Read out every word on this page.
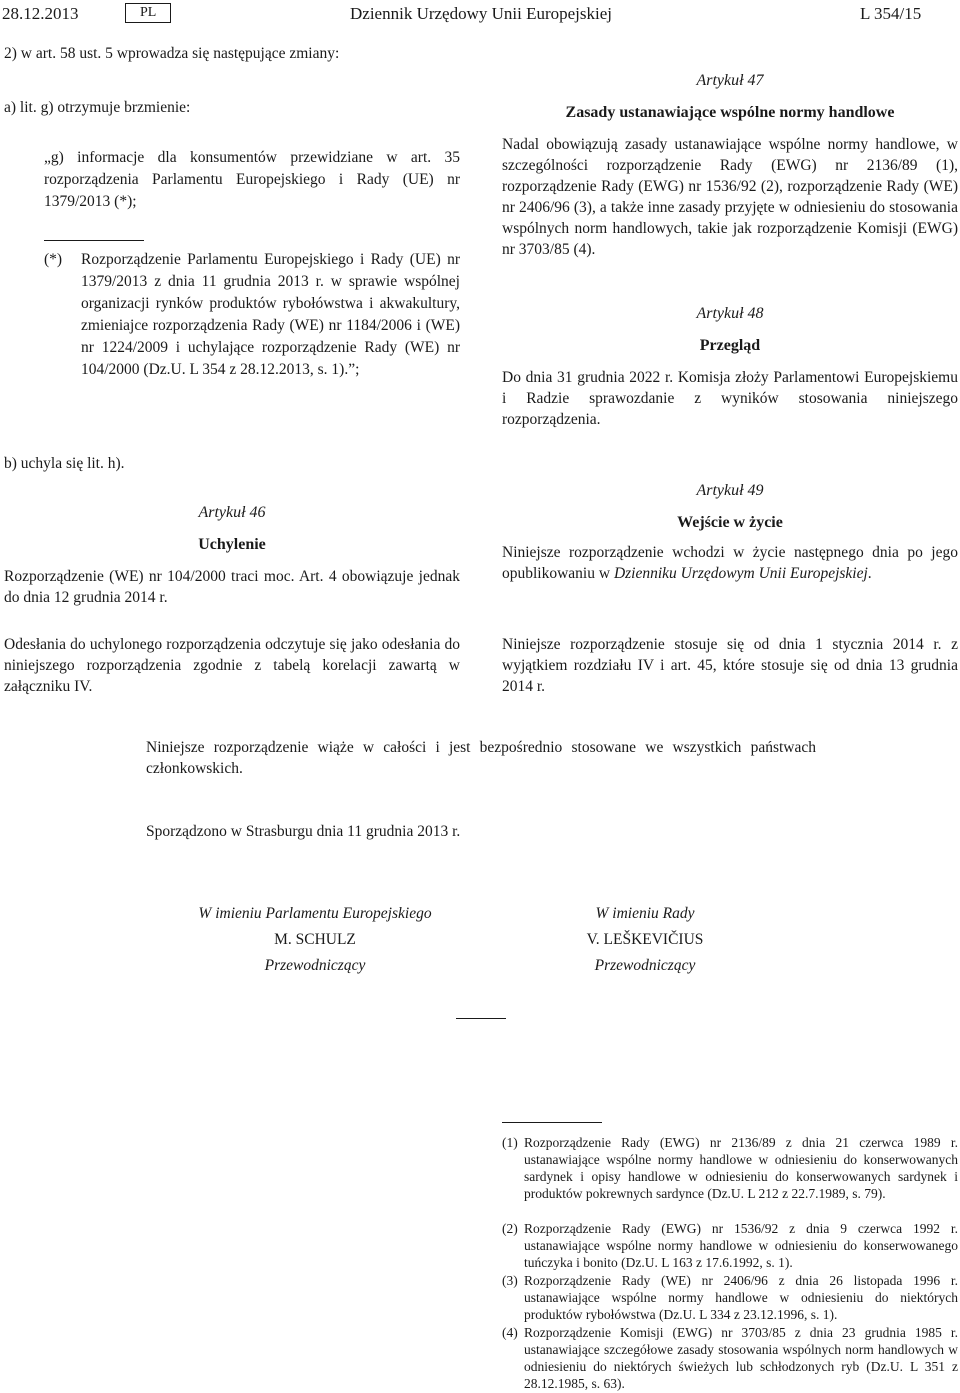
28.12.2013	PL	Dziennik Urzędowy Unii Europejskiej	L 354/15

2) w art. 58 ust. 5 wprowadza się następujące zmiany:

a) lit. g) otrzymuje brzmienie:

„g) informacje dla konsumentów przewidziane w art. 35 rozporządzenia Parlamentu Europejskiego i Rady (UE) nr 1379/2013 (*);

(*) Rozporządzenie Parlamentu Europejskiego i Rady (UE) nr 1379/2013 z dnia 11 grudnia 2013 r. w sprawie wspólnej organizacji rynków produktów rybołówstwa i akwakultury, zmieniajce rozporządzenia Rady (WE) nr 1184/2006 i (WE) nr 1224/2009 i uchylające rozporządzenie Rady (WE) nr 104/2000 (Dz.U. L 354 z 28.12.2013, s. 1).”;

b) uchyla się lit. h).

Artykuł 46

Uchylenie

Rozporządzenie (WE) nr 104/2000 traci moc. Art. 4 obowiązuje jednak do dnia 12 grudnia 2014 r.

Odesłania do uchylonego rozporządzenia odczytuje się jako odesłania do niniejszego rozporządzenia zgodnie z tabelą korelacji zawartą w załączniku IV.

Artykuł 47

Zasady ustanawiające wspólne normy handlowe

Nadal obowiązują zasady ustanawiające wspólne normy handlowe, w szczególności rozporządzenie Rady (EWG) nr 2136/89 (1), rozporządzenie Rady (EWG) nr 1536/92 (2), rozporządzenie Rady (WE) nr 2406/96 (3), a także inne zasady przyjęte w odniesieniu do stosowania wspólnych norm handlowych, takie jak rozporządzenie Komisji (EWG) nr 3703/85 (4).

Artykuł 48

Przegląd

Do dnia 31 grudnia 2022 r. Komisja złoży Parlamentowi Europejskiemu i Radzie sprawozdanie z wyników stosowania niniejszego rozporządzenia.

Artykuł 49

Wejście w życie

Niniejsze rozporządzenie wchodzi w życie następnego dnia po jego opublikowaniu w Dzienniku Urzędowym Unii Europejskiej.

Niniejsze rozporządzenie stosuje się od dnia 1 stycznia 2014 r. z wyjątkiem rozdziału IV i art. 45, które stosuje się od dnia 13 grudnia 2014 r.

Niniejsze rozporządzenie wiąże w całości i jest bezpośrednio stosowane we wszystkich państwach członkowskich.

Sporządzono w Strasburgu dnia 11 grudnia 2013 r.

W imieniu Parlamentu Europejskiego

M. SCHULZ

Przewodniczący

W imieniu Rady

V. LEŠKEVIČIUS

Przewodniczący

(1) Rozporządzenie Rady (EWG) nr 2136/89 z dnia 21 czerwca 1989 r. ustanawiające wspólne normy handlowe w odniesieniu do konserwowanych sardynek i opisy handlowe w odniesieniu do konserwowanych sardynek i produktów pokrewnych sardynce (Dz.U. L 212 z 22.7.1989, s. 79).

(2) Rozporządzenie Rady (EWG) nr 1536/92 z dnia 9 czerwca 1992 r. ustanawiające wspólne normy handlowe w odniesieniu do konserwowanego tuńczyka i bonito (Dz.U. L 163 z 17.6.1992, s. 1).

(3) Rozporządzenie Rady (WE) nr 2406/96 z dnia 26 listopada 1996 r. ustanawiające wspólne normy handlowe w odniesieniu do niektórych produktów rybołówstwa (Dz.U. L 334 z 23.12.1996, s. 1).

(4) Rozporządzenie Komisji (EWG) nr 3703/85 z dnia 23 grudnia 1985 r. ustanawiające szczegółowe zasady stosowania wspólnych norm handlowych w odniesieniu do niektórych świeżych lub schłodzonych ryb (Dz.U. L 351 z 28.12.1985, s. 63).
